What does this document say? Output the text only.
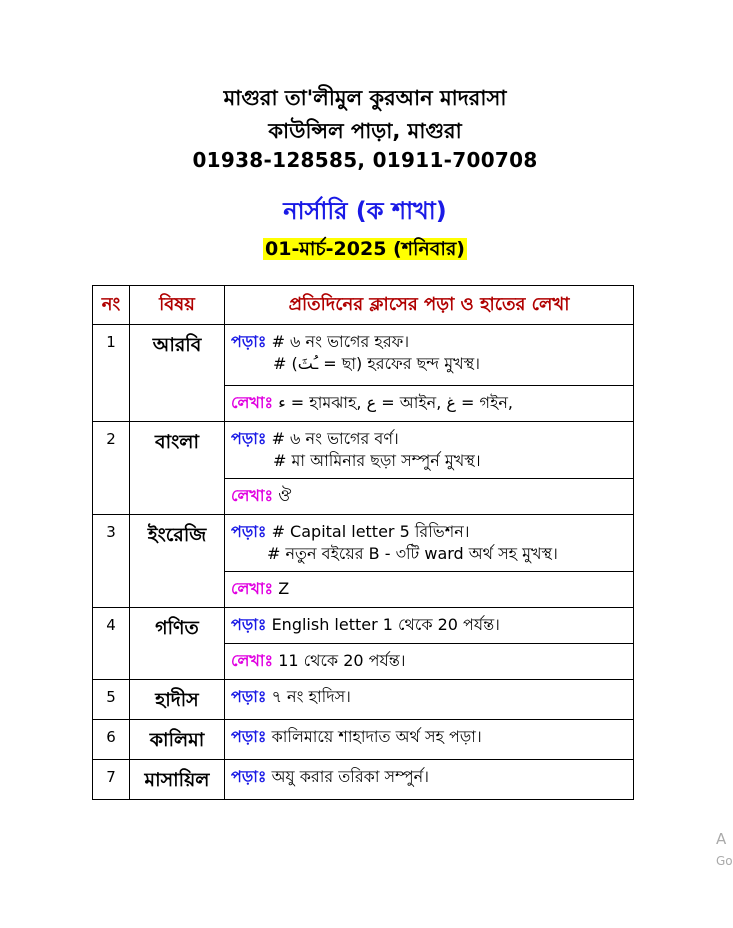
মাগুরা তা'লীমুল কুরআন মাদরাসা
কাউন্সিল পাড়া, মাগুরা
01938-128585, 01911-700708
নার্সারি (ক শাখা)
01-মার্চ-2025 (শনিবার)
নং	বিষয়	প্রতিদিনের ক্লাসের পড়া ও হাতের লেখা
1	আরবি	পড়াঃ # ৬ নং ভাগের হরফ।
# (ـُثَ = ছা) হরফের ছন্দ মুখস্থ।

		লেখাঃ ء = হামঝাহ, ع = আইন, غ = গইন,
2	বাংলা	পড়াঃ # ৬ নং ভাগের বর্ণ।
# মা আমিনার ছড়া সম্পুর্ন মুখস্থ।

		লেখাঃ ঔ
3	ইংরেজি	পড়াঃ # Capital letter 5 রিভিশন।
# নতুন বইয়ের B - ৩টি ward অর্থ সহ মুখস্থ।

		লেখাঃ Z
4	গণিত	পড়াঃ English letter 1 থেকে 20 পর্যন্ত।
		লেখাঃ 11 থেকে 20 পর্যন্ত।
5	হাদীস	পড়াঃ ৭ নং হাদিস।
6	কালিমা	পড়াঃ কালিমায়ে শাহাদাত অর্থ সহ পড়া।
7	মাসায়িল	পড়াঃ অযু করার তরিকা সম্পুর্ন।
A
Go
